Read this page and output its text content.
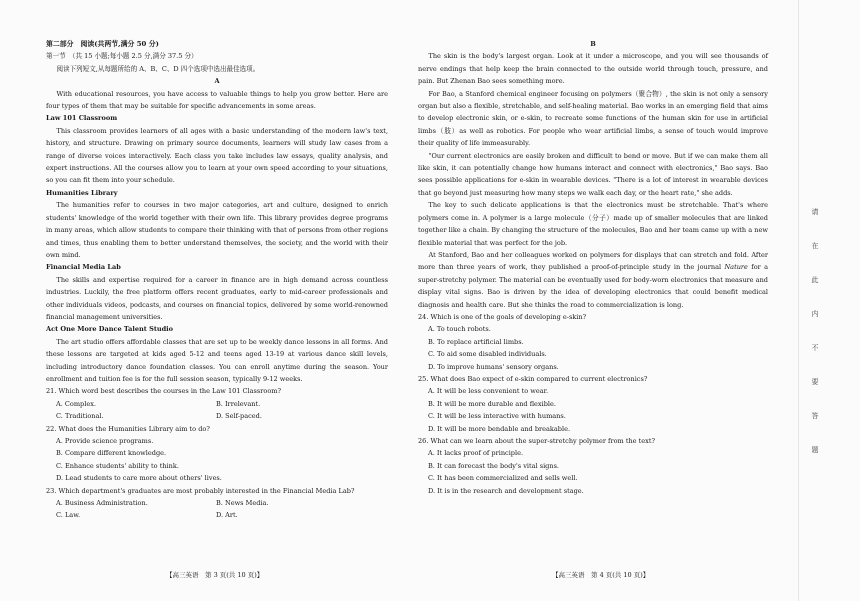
第二部分　阅读(共两节,满分 50 分)

第一节　（共 15 小题;每小题 2.5 分,满分 37.5 分）

阅读下列短文,从每题所给的 A、B、C、D 四个选项中选出最佳选项。

A

With educational resources, you have access to valuable things to help you grow better. Here are four types of them that may be suitable for specific advancements in some areas.

Law 101 Classroom

This classroom provides learners of all ages with a basic understanding of the modern law's text, history, and structure. Drawing on primary source documents, learners will study law cases from a range of diverse voices interactively. Each class you take includes law essays, quality analysis, and expert instructions. All the courses allow you to learn at your own speed according to your situations, so you can fit them into your schedule.

Humanities Library

The humanities refer to courses in two major categories, art and culture, designed to enrich students' knowledge of the world together with their own life. This library provides degree programs in many areas, which allow students to compare their thinking with that of persons from other regions and times, thus enabling them to better understand themselves, the society, and the world with their own mind.

Financial Media Lab

The skills and expertise required for a career in finance are in high demand across countless industries. Luckily, the free platform offers recent graduates, early to mid-career professionals and other individuals videos, podcasts, and courses on financial topics, delivered by some world-renowned financial management universities.

Act One More Dance Talent Studio

The art studio offers affordable classes that are set up to be weekly dance lessons in all forms. And these lessons are targeted at kids aged 5-12 and teens aged 13-19 at various dance skill levels, including introductory dance foundation classes. You can enroll anytime during the season. Your enrollment and tuition fee is for the full session season, typically 9-12 weeks.

21. Which word best describes the courses in the Law 101 Classroom?

A. Complex.	B. Irrelevant.
C. Traditional.	D. Self-paced.

22. What does the Humanities Library aim to do?

A. Provide science programs.

B. Compare different knowledge.

C. Enhance students' ability to think.

D. Lead students to care more about others' lives.

23. Which department's graduates are most probably interested in the Financial Media Lab?

A. Business Administration.	B. News Media.
C. Law.	D. Art.

B

The skin is the body's largest organ. Look at it under a microscope, and you will see thousands of nerve endings that help keep the brain connected to the outside world through touch, pressure, and pain. But Zhenan Bao sees something more.

For Bao, a Stanford chemical engineer focusing on polymers（聚合物）, the skin is not only a sensory organ but also a flexible, stretchable, and self-healing material. Bao works in an emerging field that aims to develop electronic skin, or e-skin, to recreate some functions of the human skin for use in artificial limbs（肢）as well as robotics. For people who wear artificial limbs, a sense of touch would improve their quality of life immeasurably.

"Our current electronics are easily broken and difficult to bend or move. But if we can make them all like skin, it can potentially change how humans interact and connect with electronics," Bao says. Bao sees possible applications for e-skin in wearable devices. "There is a lot of interest in wearable devices that go beyond just measuring how many steps we walk each day, or the heart rate," she adds.

The key to such delicate applications is that the electronics must be stretchable. That's where polymers come in. A polymer is a large molecule（分子）made up of smaller molecules that are linked together like a chain. By changing the structure of the molecules, Bao and her team came up with a new flexible material that was perfect for the job.

At Stanford, Bao and her colleagues worked on polymers for displays that can stretch and fold. After more than three years of work, they published a proof-of-principle study in the journal Nature for a super-stretchy polymer. The material can be eventually used for body-worn electronics that measure and display vital signs. Bao is driven by the idea of developing electronics that could benefit medical diagnosis and health care. But she thinks the road to commercialization is long.

24. Which is one of the goals of developing e-skin?

A. To touch robots.

B. To replace artificial limbs.

C. To aid some disabled individuals.

D. To improve humans' sensory organs.

25. What does Bao expect of e-skin compared to current electronics?

A. It will be less convenient to wear.

B. It will be more durable and flexible.

C. It will be less interactive with humans.

D. It will be more bendable and breakable.

26. What can we learn about the super-stretchy polymer from the text?

A. It lacks proof of principle.

B. It can forecast the body's vital signs.

C. It has been commercialized and sells well.

D. It is in the research and development stage.

【高三英语　第 3 页(共 10 页)】	【高三英语　第 4 页(共 10 页)】
请
在
此
内
不
要
答
题
